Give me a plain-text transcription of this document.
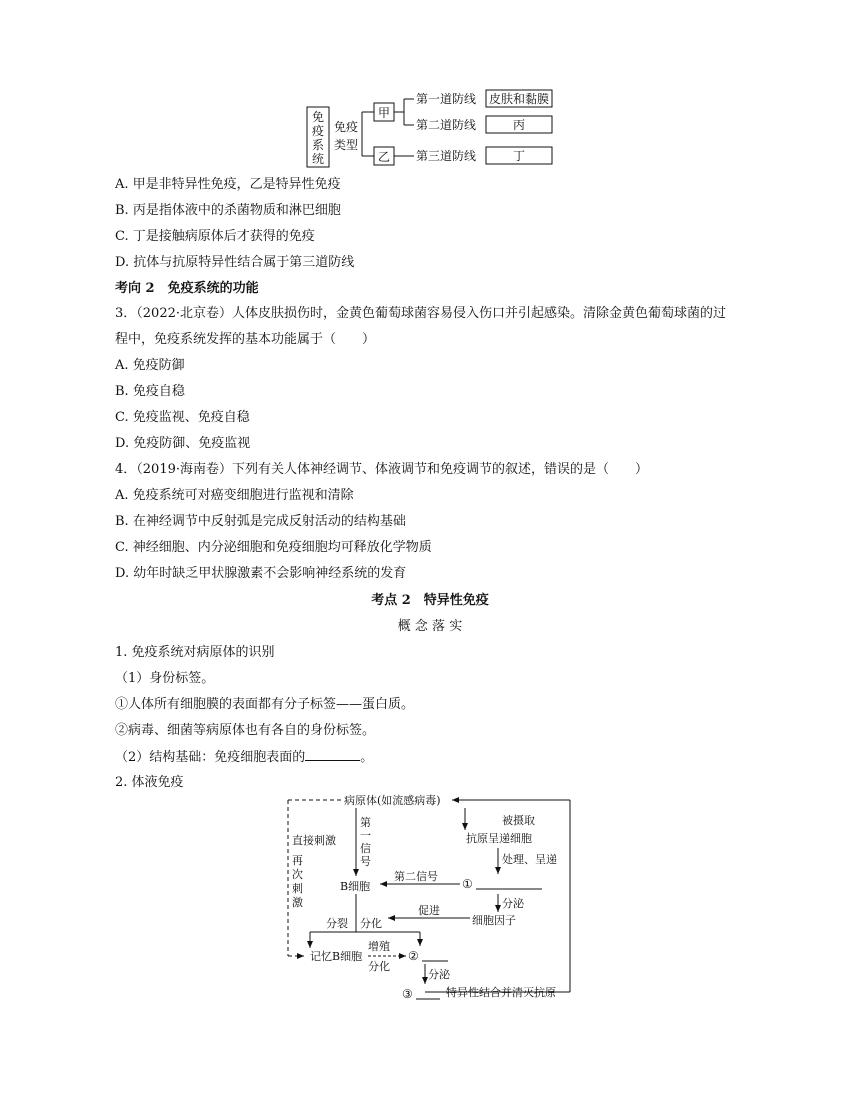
免
疫
系
统
免疫
类型
甲
乙
第一道防线
第二道防线
第三道防线
皮肤和黏膜
丙
丁
A. 甲是非特异性免疫，乙是特异性免疫
B. 丙是指体液中的杀菌物质和淋巴细胞
C. 丁是接触病原体后才获得的免疫
D. 抗体与抗原特异性结合属于第三道防线
考向 2　免疫系统的功能
3．（2022·北京卷）人体皮肤损伤时，金黄色葡萄球菌容易侵入伤口并引起感染。清除金黄色葡萄球菌的过
程中，免疫系统发挥的基本功能属于（　　）
A. 免疫防御
B. 免疫自稳
C. 免疫监视、免疫自稳
D. 免疫防御、免疫监视
4．（2019·海南卷）下列有关人体神经调节、体液调节和免疫调节的叙述，错误的是（　　）
A. 免疫系统可对癌变细胞进行监视和清除
B. 在神经调节中反射弧是完成反射活动的结构基础
C. 神经细胞、内分泌细胞和免疫细胞均可释放化学物质
D. 幼年时缺乏甲状腺激素不会影响神经系统的发育
考点 2　特异性免疫
概 念 落 实
1. 免疫系统对病原体的识别
（1）身份标签。
①人体所有细胞膜的表面都有分子标签——蛋白质。
②病毒、细菌等病原体也有各自的身份标签。
（2）结构基础：免疫细胞表面的	。
2. 体液免疫
病原体(如流感病毒)
被摄取
抗原呈递细胞
处理、呈递
①
直接刺激
第
一
信
号
B细胞
第二信号
分泌
细胞因子
促进
再
次
刺
激
分裂 分化
记忆B细胞
增殖
分化
②
分泌
③	特异性结合并清灭抗原
